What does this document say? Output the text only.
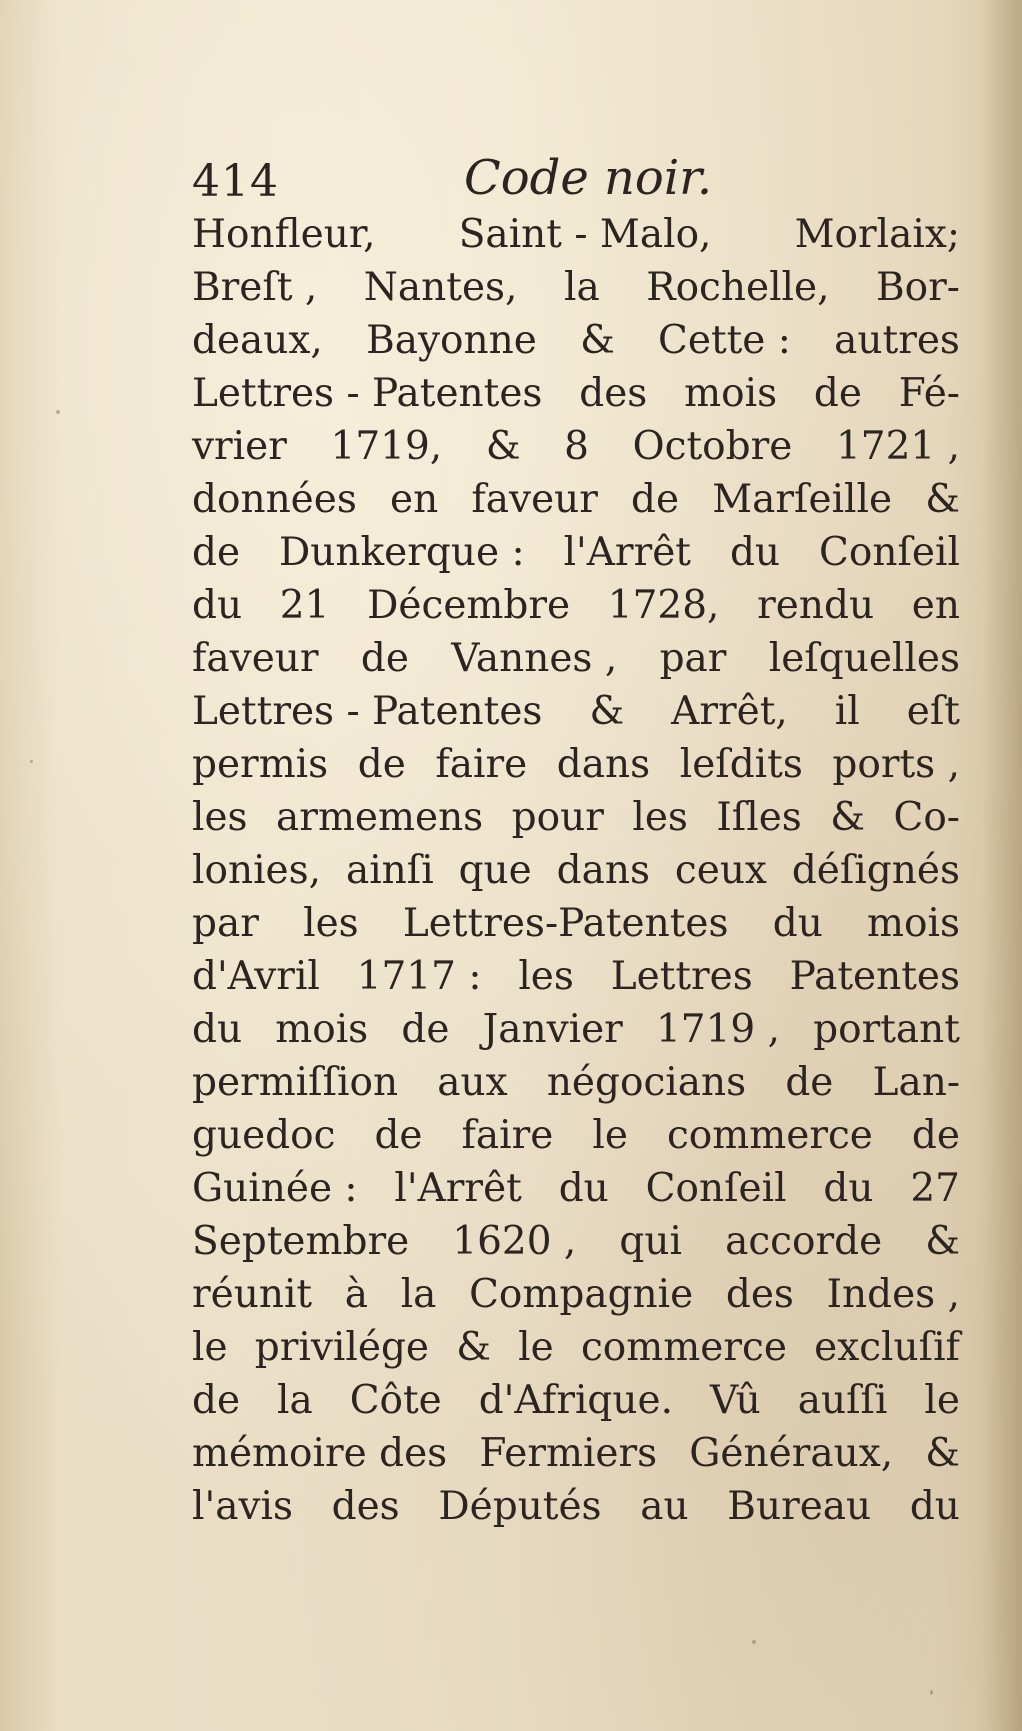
414	Code noir.
Honfleur, Saint - Malo, Morlaix;
Breſt , Nantes, la Rochelle, Bor-
deaux, Bayonne & Cette : autres
Lettres - Patentes des mois de Fé-
vrier 1719, & 8 Octobre 1721 ,
données en faveur de Marſeille &
de Dunkerque : l'Arrêt du Conſeil
du 21 Décembre 1728, rendu en
faveur de Vannes , par leſquelles
Lettres - Patentes & Arrêt, il eſt
permis de faire dans leſdits ports ,
les armemens pour les Iſles & Co-
lonies, ainſi que dans ceux déſignés
par les Lettres-Patentes du mois
d'Avril 1717 : les Lettres Patentes
du mois de Janvier 1719 , portant
permiſſion aux négocians de Lan-
guedoc de faire le commerce de
Guinée : l'Arrêt du Conſeil du 27
Septembre 1620 , qui accorde &
réunit à la Compagnie des Indes ,
le privilége & le commerce excluſif
de la Côte d'Afrique. Vû auſſi le
mémoire des Fermiers Généraux, &
l'avis des Députés au Bureau du
